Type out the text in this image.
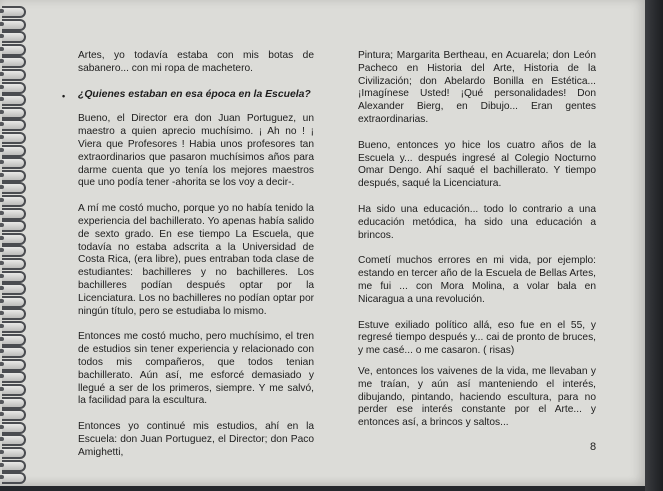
Artes, yo todavía estaba con mis botas de sabanero... con mi ropa de machetero.

• ¿Quienes estaban en esa época en la Escuela?

Bueno, el Director era don Juan Portuguez, un maestro a quien aprecio muchísimo. ¡ Ah no ! ¡ Viera que Profesores ! Habia unos profesores tan extraordinarios que pasaron muchísimos años para darme cuenta que yo tenía los mejores maestros que uno podía tener -ahorita se los voy a decir-.

A mí me costó mucho, porque yo no había tenido la experiencia del bachillerato. Yo apenas había salido de sexto grado. En ese tiempo La Escuela, que todavía no estaba adscrita a la Universidad de Costa Rica, (era libre), pues entraban toda clase de estudiantes: bachilleres y no bachilleres. Los bachilleres podían después optar por la Licenciatura. Los no bachilleres no podían optar por ningún título, pero se estudiaba lo mismo.

Entonces me costó mucho, pero muchísimo, el tren de estudios sin tener experiencia y relacionado con todos mis compañeros, que todos tenian bachillerato. Aún así, me esforcé demasiado y llegué a ser de los primeros, siempre. Y me salvó, la facilidad para la escultura.

Entonces yo continué mis estudios, ahí en la Escuela: don Juan Portuguez, el Director; don Paco Amighetti,

Pintura; Margarita Bertheau, en Acuarela; don León Pacheco en Historia del Arte, Historia de la Civilización; don Abelardo Bonilla en Estética... ¡Imagínese Usted! ¡Qué personalidades! Don Alexander Bierg, en Dibujo... Eran gentes extraordinarias.

Bueno, entonces yo hice los cuatro años de la Escuela y... después ingresé al Colegio Nocturno Omar Dengo. Ahí saqué el bachillerato. Y tiempo después, saqué la Licenciatura.

Ha sido una educación... todo lo contrario a una educación metódica, ha sido una educación a brincos.

Cometí muchos errores en mi vida, por ejemplo: estando en tercer año de la Escuela de Bellas Artes, me fui ... con Mora Molina, a volar bala en Nicaragua a una revolución.

Estuve exiliado político allá, eso fue en el 55, y regresé tiempo después y... cai de pronto de bruces, y me casé... o me casaron. ( risas)

Ve, entonces los vaivenes de la vida, me llevaban y me traían, y aún así manteniendo el interés, dibujando, pintando, haciendo escultura, para no perder ese interés constante por el Arte... y entonces así, a brincos y saltos...

8
